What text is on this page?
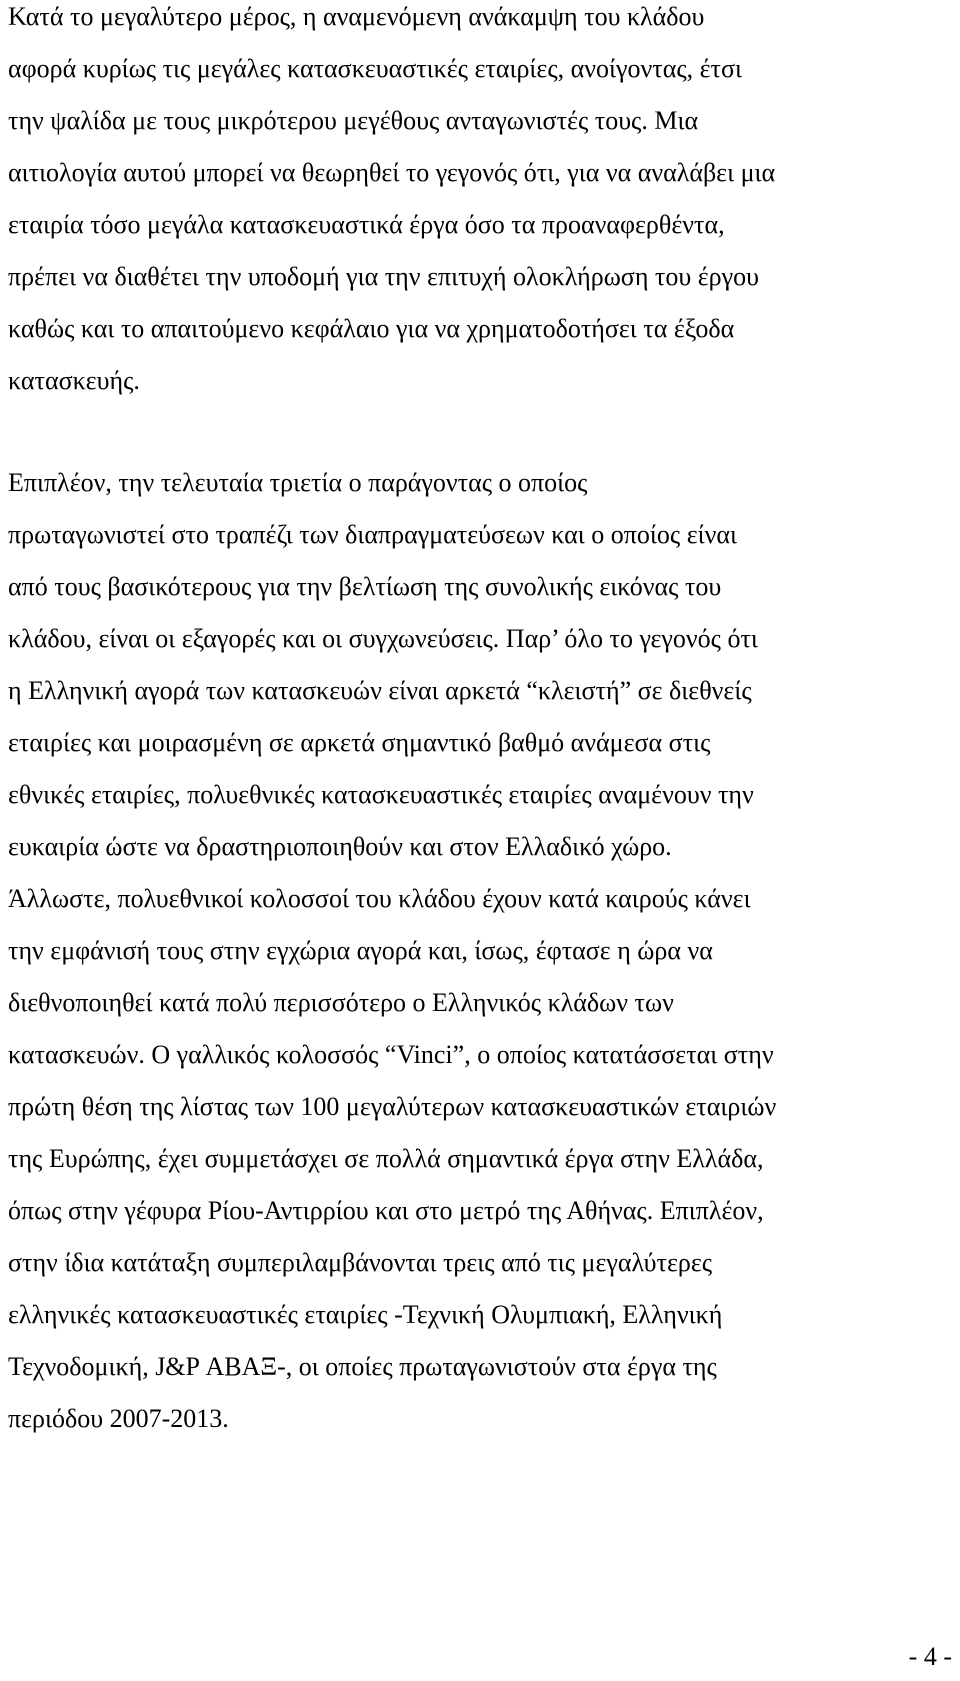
Κατά το μεγαλύτερο μέρος, η αναμενόμενη ανάκαμψη του κλάδου
αφορά κυρίως τις μεγάλες κατασκευαστικές εταιρίες, ανοίγοντας, έτσι
την ψαλίδα με τους μικρότερου μεγέθους ανταγωνιστές τους. Μια
αιτιολογία αυτού μπορεί να θεωρηθεί το γεγονός ότι, για να αναλάβει μια
εταιρία τόσο μεγάλα κατασκευαστικά έργα όσο τα προαναφερθέντα,
πρέπει να διαθέτει την υποδομή για την επιτυχή ολοκλήρωση του έργου
καθώς και το απαιτούμενο κεφάλαιο για να χρηματοδοτήσει τα έξοδα
κατασκευής.
Επιπλέον, την τελευταία τριετία ο παράγοντας ο οποίος
πρωταγωνιστεί στο τραπέζι των διαπραγματεύσεων και ο οποίος είναι
από τους βασικότερους για την βελτίωση της συνολικής εικόνας του
κλάδου, είναι οι εξαγορές και οι συγχωνεύσεις. Παρ’ όλο το γεγονός ότι
η Ελληνική αγορά των κατασκευών είναι αρκετά “κλειστή” σε διεθνείς
εταιρίες και μοιρασμένη σε αρκετά σημαντικό βαθμό ανάμεσα στις
εθνικές εταιρίες, πολυεθνικές κατασκευαστικές εταιρίες αναμένουν την
ευκαιρία ώστε να δραστηριοποιηθούν και στον Ελλαδικό χώρο.
Άλλωστε, πολυεθνικοί κολοσσοί του κλάδου έχουν κατά καιρούς κάνει
την εμφάνισή τους στην εγχώρια αγορά και, ίσως, έφτασε η ώρα να
διεθνοποιηθεί κατά πολύ περισσότερο ο Ελληνικός κλάδων των
κατασκευών. Ο γαλλικός κολοσσός “Vinci”, ο οποίος κατατάσσεται στην
πρώτη θέση της λίστας των 100 μεγαλύτερων κατασκευαστικών εταιριών
της Ευρώπης, έχει συμμετάσχει σε πολλά σημαντικά έργα στην Ελλάδα,
όπως στην γέφυρα Ρίου-Αντιρρίου και στο μετρό της Αθήνας. Επιπλέον,
στην ίδια κατάταξη συμπεριλαμβάνονται τρεις από τις μεγαλύτερες
ελληνικές κατασκευαστικές εταιρίες -Τεχνική Ολυμπιακή, Ελληνική
Τεχνοδομική, J&P ΑΒΑΞ-, οι οποίες πρωταγωνιστούν στα έργα της
περιόδου 2007-2013.
- 4 -
